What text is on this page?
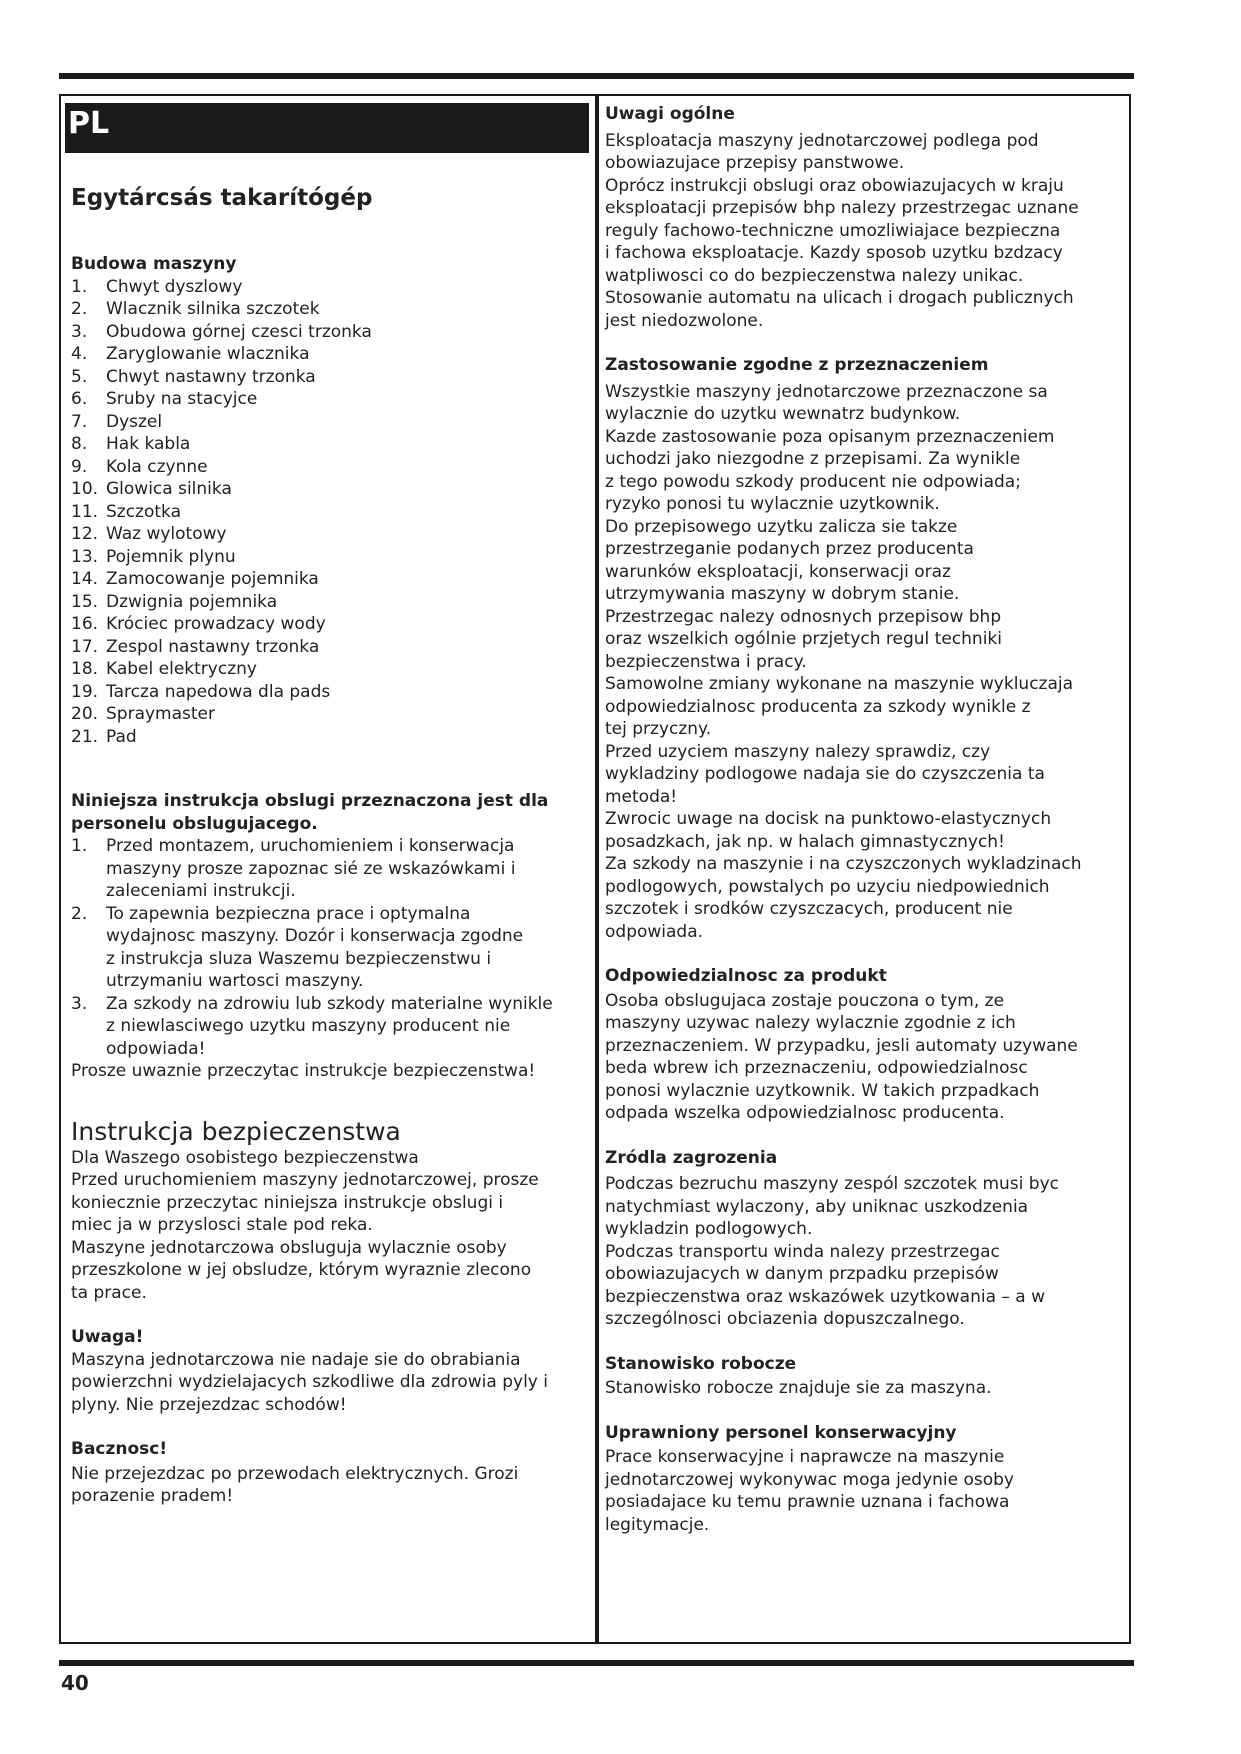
PL
Egytárcsás takarítógép

Budowa maszyny

1.	Chwyt dyszlowy
2.	Wlacznik silnika szczotek
3.	Obudowa górnej czesci trzonka
4.	Zaryglowanie wlacznika
5.	Chwyt nastawny trzonka
6.	Sruby na stacyjce
7.	Dyszel
8.	Hak kabla
9.	Kola czynne
10. Glowica silnika
11. Szczotka
12. Waz wylotowy
13. Pojemnik plynu
14. Zamocowanje pojemnika
15. Dzwignia pojemnika
16. Króciec prowadzacy wody
17. Zespol nastawny trzonka
18. Kabel elektryczny
19. Tarcza napedowa dla pads
20. Spraymaster
21. Pad

Niniejsza instrukcja obslugi przeznaczona jest dla

personelu obslugujacego.

1.	Przed montazem, uruchomieniem i konserwacja
maszyny prosze zapoznac sié ze wskazówkami i
zaleceniami instrukcji.
2.	To zapewnia bezpieczna prace i optymalna
wydajnosc maszyny. Dozór i konserwacja zgodne
z instrukcja sluza Waszemu bezpieczenstwu i
utrzymaniu wartosci maszyny.
3.	Za szkody na zdrowiu lub szkody materialne wynikle
z niewlasciwego uzytku maszyny producent nie
odpowiada!

Prosze uwaznie przeczytac instrukcje bezpieczenstwa!

Instrukcja bezpieczenstwa

Dla Waszego osobistego bezpieczenstwa

Przed uruchomieniem maszyny jednotarczowej, prosze

koniecznie przeczytac niniejsza instrukcje obslugi i

miec ja w przyslosci stale pod reka.

Maszyne jednotarczowa obsluguja wylacznie osoby

przeszkolone w jej obsludze, którym wyraznie zlecono

ta prace.

Uwaga!

Maszyna jednotarczowa nie nadaje sie do obrabiania

powierzchni wydzielajacych szkodliwe dla zdrowia pyly i

plyny. Nie przejezdzac schodów!

Bacznosc!

Nie przejezdzac po przewodach elektrycznych. Grozi

porazenie pradem!

Uwagi ogólne

Eksploatacja maszyny jednotarczowej podlega pod

obowiazujace przepisy panstwowe.

Oprócz instrukcji obslugi oraz obowiazujacych w kraju

eksploatacji przepisów bhp nalezy przestrzegac uznane

reguly fachowo-techniczne umozliwiajace bezpieczna

i fachowa eksploatacje. Kazdy sposob uzytku bzdzacy

watpliwosci co do bezpieczenstwa nalezy unikac.

Stosowanie automatu na ulicach i drogach publicznych

jest niedozwolone.

Zastosowanie zgodne z przeznaczeniem

Wszystkie maszyny jednotarczowe przeznaczone sa
wylacznie do uzytku wewnatrz budynkow.
Kazde zastosowanie poza opisanym przeznaczeniem
uchodzi jako niezgodne z przepisami. Za wynikle
z tego powodu szkody producent nie odpowiada;
ryzyko ponosi tu wylacznie uzytkownik.
Do przepisowego uzytku zalicza sie takze
przestrzeganie podanych przez producenta
warunków eksploatacji, konserwacji oraz
utrzymywania maszyny w dobrym stanie.
Przestrzegac nalezy odnosnych przepisow bhp
oraz wszelkich ogólnie przjetych regul techniki
bezpieczenstwa i pracy.
Samowolne zmiany wykonane na maszynie wykluczaja
odpowiedzialnosc producenta za szkody wynikle z
tej przyczny.
Przed uzyciem maszyny nalezy sprawdiz, czy
wykladziny podlogowe nadaja sie do czyszczenia ta
metoda!
Zwrocic uwage na docisk na punktowo-elastycznych
posadzkach, jak np. w halach gimnastycznych!
Za szkody na maszynie i na czyszczonych wykladzinach
podlogowych, powstalych po uzyciu niedpowiednich
szczotek i srodków czyszczacych, producent nie
odpowiada.

Odpowiedzialnosc za produkt

Osoba obslugujaca zostaje pouczona o tym, ze

maszyny uzywac nalezy wylacznie zgodnie z ich

przeznaczeniem. W przypadku, jesli automaty uzywane

beda wbrew ich przeznaczeniu, odpowiedzialnosc

ponosi wylacznie uzytkownik. W takich przpadkach

odpada wszelka odpowiedzialnosc producenta.

Zródla zagrozenia

Podczas bezruchu maszyny zespól szczotek musi byc
natychmiast wylaczony, aby uniknac uszkodzenia
wykladzin podlogowych.
Podczas transportu winda nalezy przestrzegac
obowiazujacych w danym przpadku przepisów
bezpieczenstwa oraz wskazówek uzytkowania – a w
szczególnosci obciazenia dopuszczalnego.

Stanowisko robocze

Stanowisko robocze znajduje sie za maszyna.

Uprawniony personel konserwacyjny

Prace konserwacyjne i naprawcze na maszynie

jednotarczowej wykonywac moga jedynie osoby

posiadajace ku temu prawnie uznana i fachowa

legitymacje.

40
